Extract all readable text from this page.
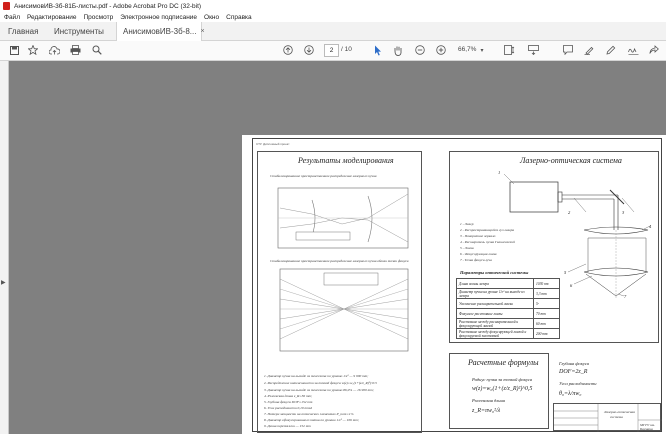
АнисимовИВ-3б-81Б-листы.pdf - Adobe Acrobat Pro DC (32-bit)
Файл Редактирование Просмотр Электронное подписание Окно Справка
Главная Инструменты АнисимовИВ-3б-8... ×
▾
2	/ 10	66,7%
▶
СТУ. Дипломный проект
Результаты моделирования
Стабилизированное пространственное распределение лазерного пучка
Стабилизированное пространственное распределение лазерного пучка вблизи точки фокуса
1. Диаметр пучка на выходе из телескопа по уровню 1/e² — 9 900 mm;
2. Распределение интенсивности за точкой фокуса w(z)=w₀(1+(z/z_R)²)^0.5
3. Диаметр пучка на выходе из телескопа по уровню 86,9% — 16 900 mm;
4. Рэлеевская длина z_R=36 mm;
5. Глубина фокуса DOF=152 mm
6. Угол расходимости 0,19 mrad
7. Потери мощности на оптических элементах P_пот=1%
8. Диаметр сфокусированного пятна по уровню 1/e² — 106 mm;
9. Длина перетяжки — 152 mm
Лазерно-оптическая система
1
2	3
4
5
6
7
1 - Лазер
2 - Распространяющийся луч лазера
3 - Поворотное зеркало
4 - Расширитель пучка Галилеевский
5 - Линза
6 - Фокусирующая линза
7 - Точка фокуса луча
Параметры оптической системы
Длина волны лазера	1030 nm
Диаметр пучка на уровне 1/e² на выходе из лазера	3,3 mm
Увеличение расширительной линзы	5ˣ
Фокусное расстояние линзы	70 mm
Расстояние между расширительной и фокусирующей линзой	60 mm
Расстояние между фокусирующей линзой и фокусируемой заготовкой	200 mm
Расчетные формулы
Радиус пучка за точкой фокуса
w(z)=w₀(1+(z/z_R)²)^0,5
Рэлеевская длина
z_R=πw₀²/λ
Глубина фокуса
DOF=2z_R
Угол расходимости
θ₀=λ/πw₀
Лазерно-оптическая
система
МГТУ им. Баумана
